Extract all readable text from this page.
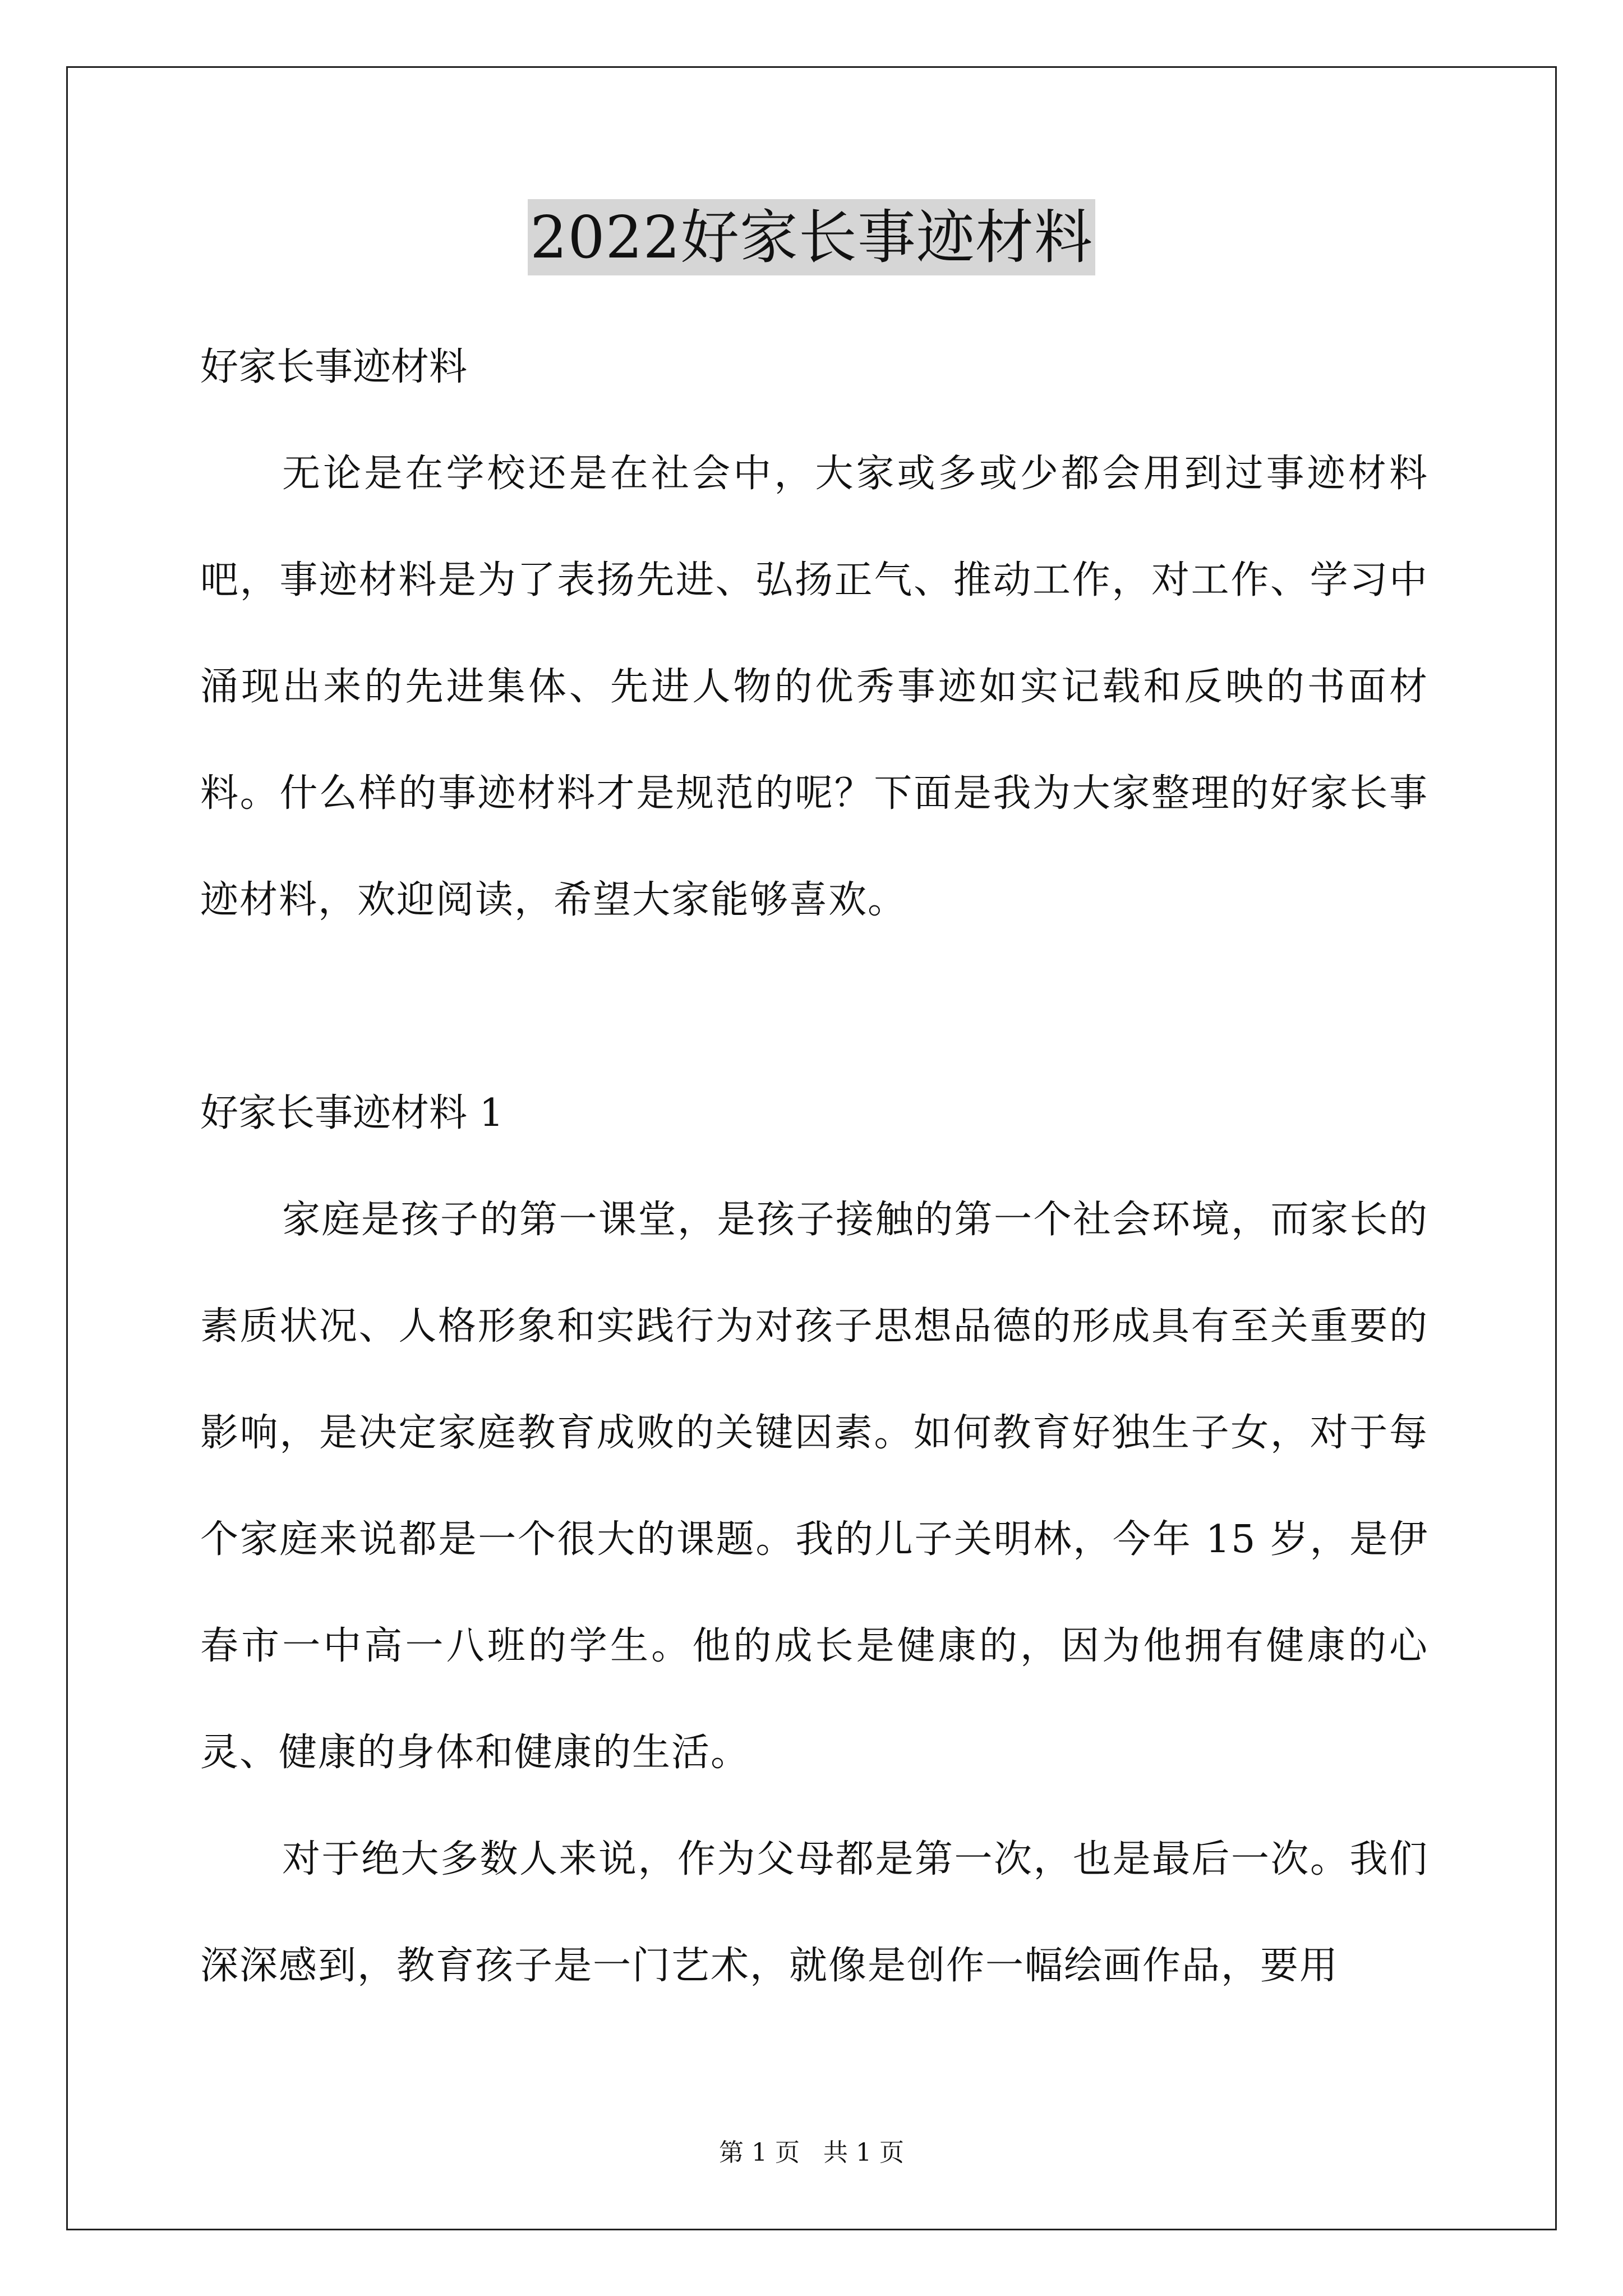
2022好家长事迹材料

好家长事迹材料

无论是在学校还是在社会中，大家或多或少都会用到过事迹材料吧，事迹材料是为了表扬先进、弘扬正气、推动工作，对工作、学习中涌现出来的先进集体、先进人物的优秀事迹如实记载和反映的书面材料。什么样的事迹材料才是规范的呢？下面是我为大家整理的好家长事迹材料，欢迎阅读，希望大家能够喜欢。

好家长事迹材料 1

家庭是孩子的第一课堂，是孩子接触的第一个社会环境，而家长的素质状况、人格形象和实践行为对孩子思想品德的形成具有至关重要的影响，是决定家庭教育成败的关键因素。如何教育好独生子女，对于每个家庭来说都是一个很大的课题。我的儿子关明林，今年 15 岁，是伊春市一中高一八班的学生。他的成长是健康的，因为他拥有健康的心灵、健康的身体和健康的生活。

对于绝大多数人来说，作为父母都是第一次，也是最后一次。我们深深感到，教育孩子是一门艺术，就像是创作一幅绘画作品，要用

第 1 页   共 1 页
